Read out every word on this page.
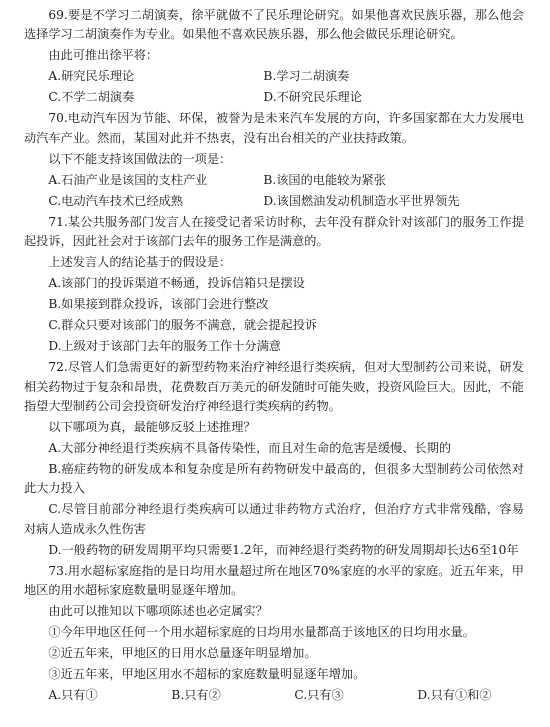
69.要是不学习二胡演奏，徐平就做不了民乐理论研究。如果他喜欢民族乐器，那么他会选择学习二胡演奏作为专业。如果他不喜欢民族乐器，那么他会做民乐理论研究。

由此可推出徐平将：

A.研究民乐理论	B.学习二胡演奏
C.不学二胡演奏	D.不研究民乐理论

70.电动汽车因为节能、环保，被誉为是未来汽车发展的方向，许多国家都在大力发展电动汽车产业。然而，某国对此并不热衷，没有出台相关的产业扶持政策。

以下不能支持该国做法的一项是：

A.石油产业是该国的支柱产业	B.该国的电能较为紧张
C.电动汽车技术已经成熟	D.该国燃油发动机制造水平世界领先

71.某公共服务部门发言人在接受记者采访时称，去年没有群众针对该部门的服务工作提起投诉，因此社会对于该部门去年的服务工作是满意的。

上述发言人的结论基于的假设是：

A.该部门的投诉渠道不畅通，投诉信箱只是摆设

B.如果接到群众投诉，该部门会进行整改

C.群众只要对该部门的服务不满意，就会提起投诉

D.上级对于该部门去年的服务工作十分满意

72.尽管人们急需更好的新型药物来治疗神经退行类疾病，但对大型制药公司来说，研发相关药物过于复杂和昂贵，花费数百万美元的研发随时可能失败，投资风险巨大。因此，不能指望大型制药公司会投资研发治疗神经退行类疾病的药物。

以下哪项为真，最能够反驳上述推理？

A.大部分神经退行类疾病不具备传染性，而且对生命的危害是缓慢、长期的

B.癌症药物的研发成本和复杂度是所有药物研发中最高的，但很多大型制药公司依然对此大力投入

C.尽管目前部分神经退行类疾病可以通过非药物方式治疗，但治疗方式非常残酷，容易对病人造成永久性伤害

D.一般药物的研发周期平均只需要1.2年，而神经退行类药物的研发周期却长达6至10年

73.用水超标家庭指的是日均用水量超过所在地区70%家庭的水平的家庭。近五年来，甲地区的用水超标家庭数量明显逐年增加。

由此可以推知以下哪项陈述也必定属实？

①今年甲地区任何一个用水超标家庭的日均用水量都高于该地区的日均用水量。

②近五年来，甲地区的日用水总量逐年明显增加。

③近五年来，甲地区用水不超标的家庭数量明显逐年增加。

A.只有①	B.只有②	C.只有③	D.只有①和②
